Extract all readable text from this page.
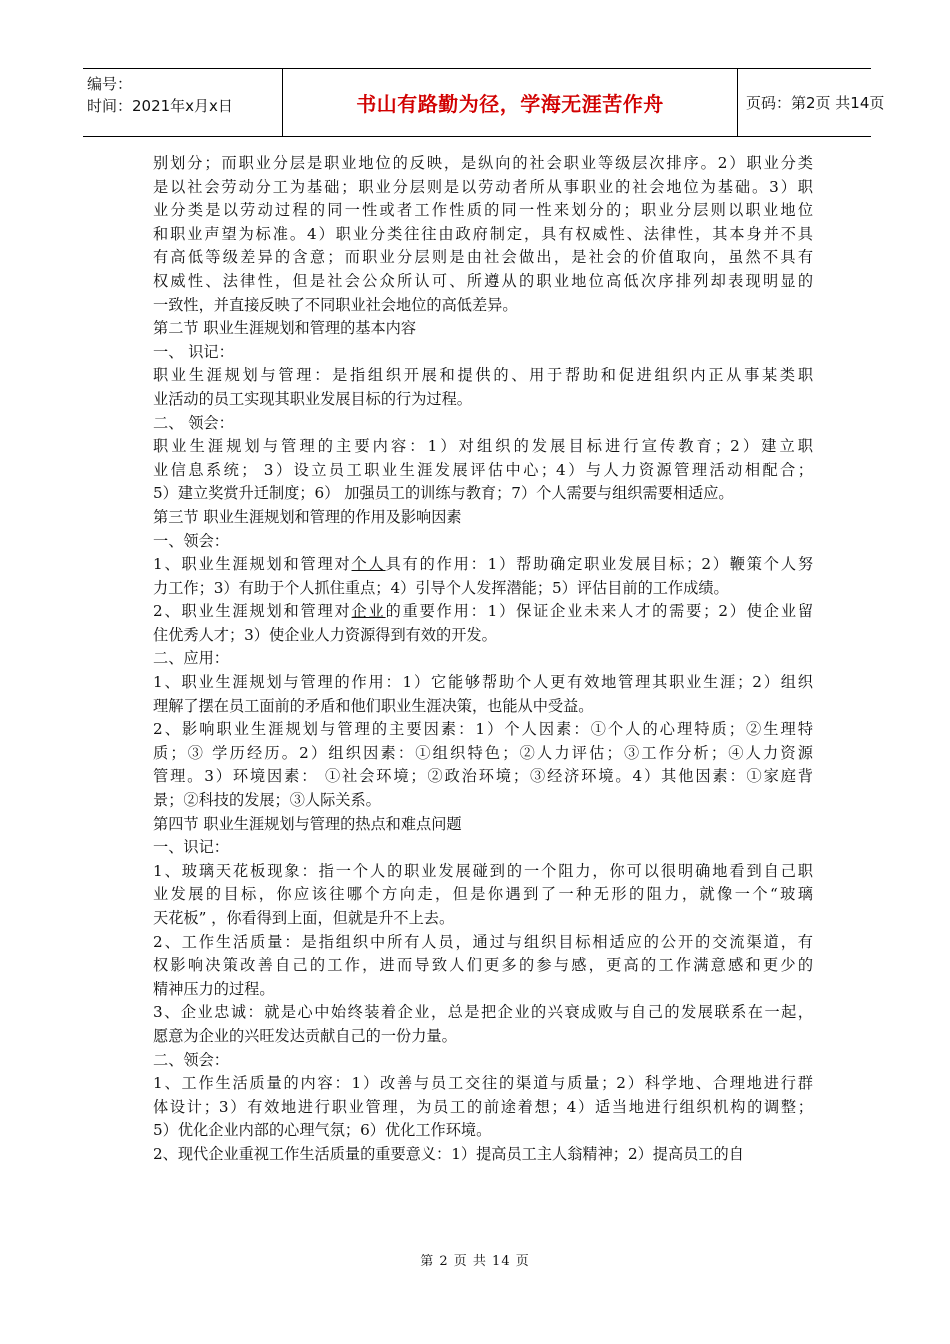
编号：
时间：2021年x月x日	书山有路勤为径，学海无涯苦作舟	页码：第2页 共14页
别划分；而职业分层是职业地位的反映，是纵向的社会职业等级层次排序。2）职业分类
是以社会劳动分工为基础；职业分层则是以劳动者所从事职业的社会地位为基础。3）职
业分类是以劳动过程的同一性或者工作性质的同一性来划分的；职业分层则以职业地位
和职业声望为标准。4）职业分类往往由政府制定，具有权威性、法律性，其本身并不具
有高低等级差异的含意；而职业分层则是由社会做出，是社会的价值取向，虽然不具有
权威性、法律性，但是社会公众所认可、所遵从的职业地位高低次序排列却表现明显的
一致性，并直接反映了不同职业社会地位的高低差异。
第二节 职业生涯规划和管理的基本内容
一、 识记：
职业生涯规划与管理：是指组织开展和提供的、用于帮助和促进组织内正从事某类职
业活动的员工实现其职业发展目标的行为过程。
二、 领会：
职业生涯规划与管理的主要内容：1）对组织的发展目标进行宣传教育；2）建立职
业信息系统； 3）设立员工职业生涯发展评估中心；4）与人力资源管理活动相配合；
5）建立奖赏升迁制度；6） 加强员工的训练与教育；7）个人需要与组织需要相适应。
第三节 职业生涯规划和管理的作用及影响因素
一、领会：
1、职业生涯规划和管理对个人具有的作用：1）帮助确定职业发展目标；2）鞭策个人努
力工作；3）有助于个人抓住重点；4）引导个人发挥潜能；5）评估目前的工作成绩。
2、职业生涯规划和管理对企业的重要作用：1）保证企业未来人才的需要；2）使企业留
住优秀人才；3）使企业人力资源得到有效的开发。
二、应用：
1、职业生涯规划与管理的作用：1）它能够帮助个人更有效地管理其职业生涯；2）组织
理解了摆在员工面前的矛盾和他们职业生涯决策，也能从中受益。
2、影响职业生涯规划与管理的主要因素：1）个人因素：①个人的心理特质；②生理特
质；③ 学历经历。2）组织因素：①组织特色；②人力评估；③工作分析；④人力资源
管理。3）环境因素： ①社会环境；②政治环境；③经济环境。4）其他因素：①家庭背
景；②科技的发展；③人际关系。
第四节 职业生涯规划与管理的热点和难点问题
一、识记：
1、玻璃天花板现象：指一个人的职业发展碰到的一个阻力，你可以很明确地看到自己职
业发展的目标，你应该往哪个方向走，但是你遇到了一种无形的阻力，就像一个“玻璃
天花板” ，你看得到上面，但就是升不上去。
2、工作生活质量：是指组织中所有人员，通过与组织目标相适应的公开的交流渠道，有
权影响决策改善自己的工作，进而导致人们更多的参与感，更高的工作满意感和更少的
精神压力的过程。
3、企业忠诚：就是心中始终装着企业，总是把企业的兴衰成败与自己的发展联系在一起，
愿意为企业的兴旺发达贡献自己的一份力量。
二、领会：
1、工作生活质量的内容：1）改善与员工交往的渠道与质量；2）科学地、合理地进行群
体设计；3）有效地进行职业管理，为员工的前途着想；4）适当地进行组织机构的调整；
5）优化企业内部的心理气氛；6）优化工作环境。
2、现代企业重视工作生活质量的重要意义：1）提高员工主人翁精神；2）提高员工的自
第 2 页 共 14 页
